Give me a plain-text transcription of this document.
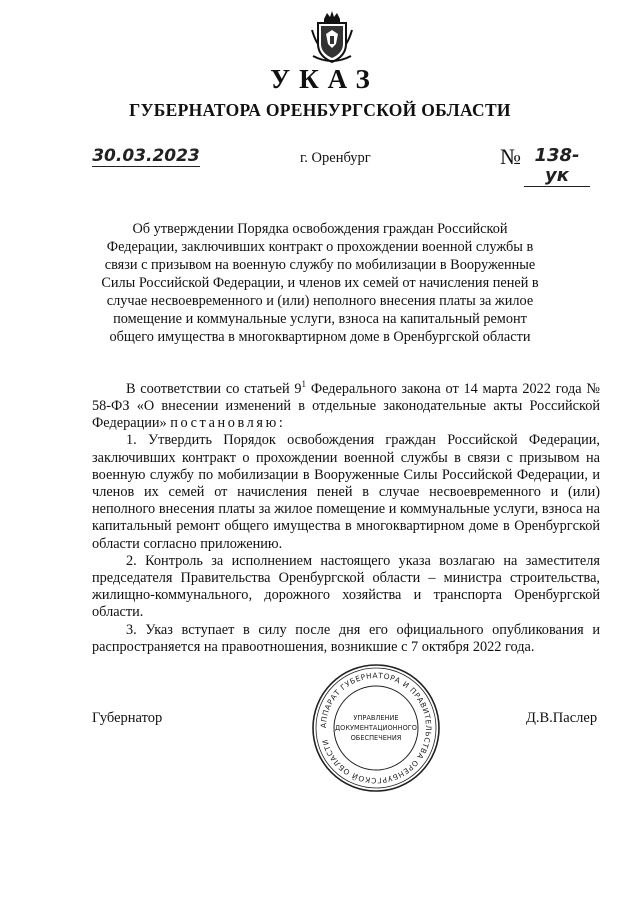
УКАЗ
ГУБЕРНАТОРА ОРЕНБУРГСКОЙ ОБЛАСТИ
30.03.2023	г. Оренбург	№ 138-ук

Об утверждении Порядка освобождения граждан Российской Федерации, заключивших контракт о прохождении военной службы в связи с призывом на военную службу по мобилизации в Вооруженные Силы Российской Федерации, и членов их семей от начисления пеней в случае несвоевременного и (или) неполного внесения платы за жилое помещение и коммунальные услуги, взноса на капитальный ремонт общего имущества в многоквартирном доме в Оренбургской области

В соответствии со статьей $9^1$ Федерального закона от 14 марта 2022 года № 58-ФЗ «О внесении изменений в отдельные законодательные акты Российской Федерации» постановляю:

1. Утвердить Порядок освобождения граждан Российской Федерации, заключивших контракт о прохождении военной службы в связи с призывом на военную службу по мобилизации в Вооруженные Силы Российской Федерации, и членов их семей от начисления пеней в случае несвоевременного и (или) неполного внесения платы за жилое помещение и коммунальные услуги, взноса на капитальный ремонт общего имущества в многоквартирном доме в Оренбургской области согласно приложению.

2. Контроль за исполнением настоящего указа возлагаю на заместителя председателя Правительства Оренбургской области – министра строительства, жилищно-коммунального, дорожного хозяйства и транспорта Оренбургской области.

3. Указ вступает в силу после дня его официального опубликования и распространяется на правоотношения, возникшие с 7 октября 2022 года.

Губернатор	Д.В.Паслер
АППАРАТ ГУБЕРНАТОРА И ПРАВИТЕЛЬСТВА ОРЕНБУРГСКОЙ ОБЛАСТИ
УПРАВЛЕНИЕ
ДОКУМЕНТАЦИОННОГО
ОБЕСПЕЧЕНИЯ
